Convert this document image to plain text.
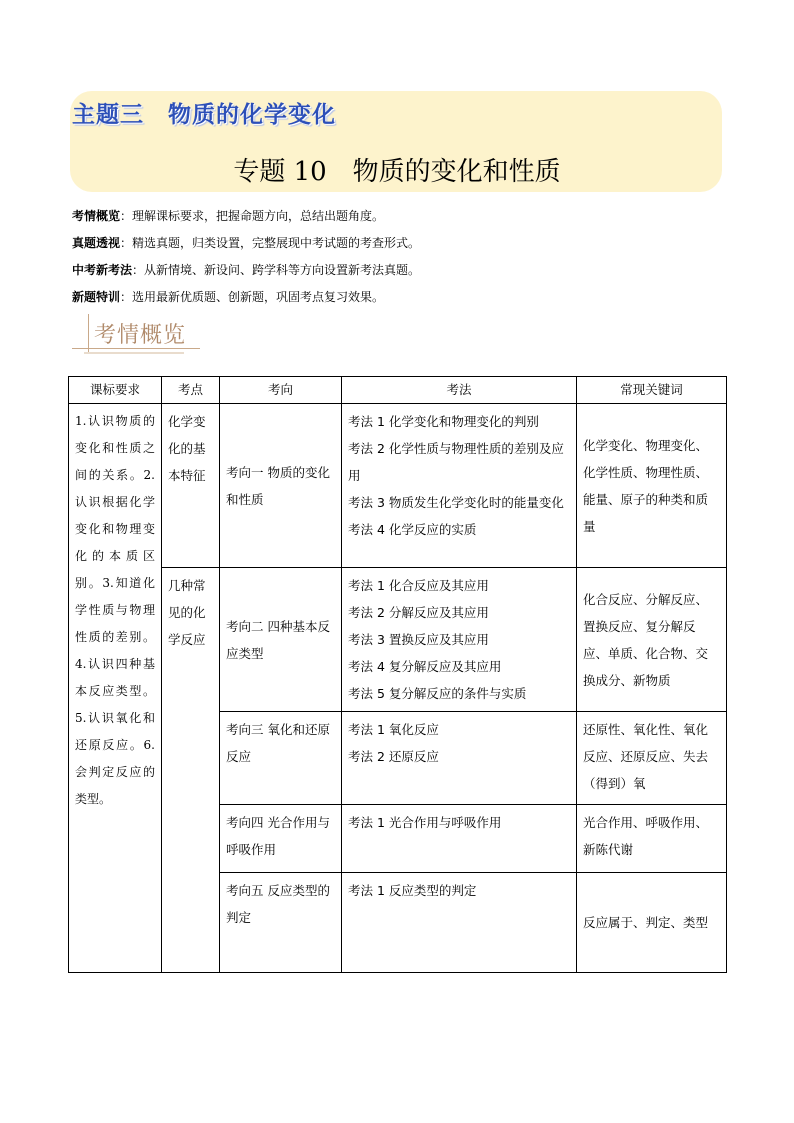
主题三　物质的化学变化
专题 10　物质的变化和性质
考情概览：理解课标要求，把握命题方向，总结出题角度。
真题透视：精选真题，归类设置，完整展现中考试题的考查形式。
中考新考法：从新情境、新设问、跨学科等方向设置新考法真题。
新题特训：选用最新优质题、创新题，巩固考点复习效果。
考情概览
课标要求	考点	考向	考法	常现关键词
1.认识物质的变化和性质之间的关系。2.认识根据化学变化和物理变化的本质区别。3.知道化学性质与物理性质的差别。4.认识四种基本反应类型。5.认识氧化和还原反应。6.会判定反应的类型。	化学变化的基本特征	考向一 物质的变化和性质	考法 1 化学变化和物理变化的判别
考法 2 化学性质与物理性质的差别及应用
考法 3 物质发生化学变化时的能量变化
考法 4 化学反应的实质	化学变化、物理变化、化学性质、物理性质、能量、原子的种类和质量
	几种常见的化学反应	考向二 四种基本反应类型	考法 1 化合反应及其应用
考法 2 分解反应及其应用
考法 3 置换反应及其应用
考法 4 复分解反应及其应用
考法 5 复分解反应的条件与实质	化合反应、分解反应、置换反应、复分解反应、单质、化合物、交换成分、新物质
		考向三 氧化和还原反应	考法 1 氧化反应
考法 2 还原反应	还原性、氧化性、氧化反应、还原反应、失去（得到）氧
		考向四 光合作用与呼吸作用	考法 1 光合作用与呼吸作用	光合作用、呼吸作用、新陈代谢
		考向五 反应类型的判定	考法 1 反应类型的判定	反应属于、判定、类型
